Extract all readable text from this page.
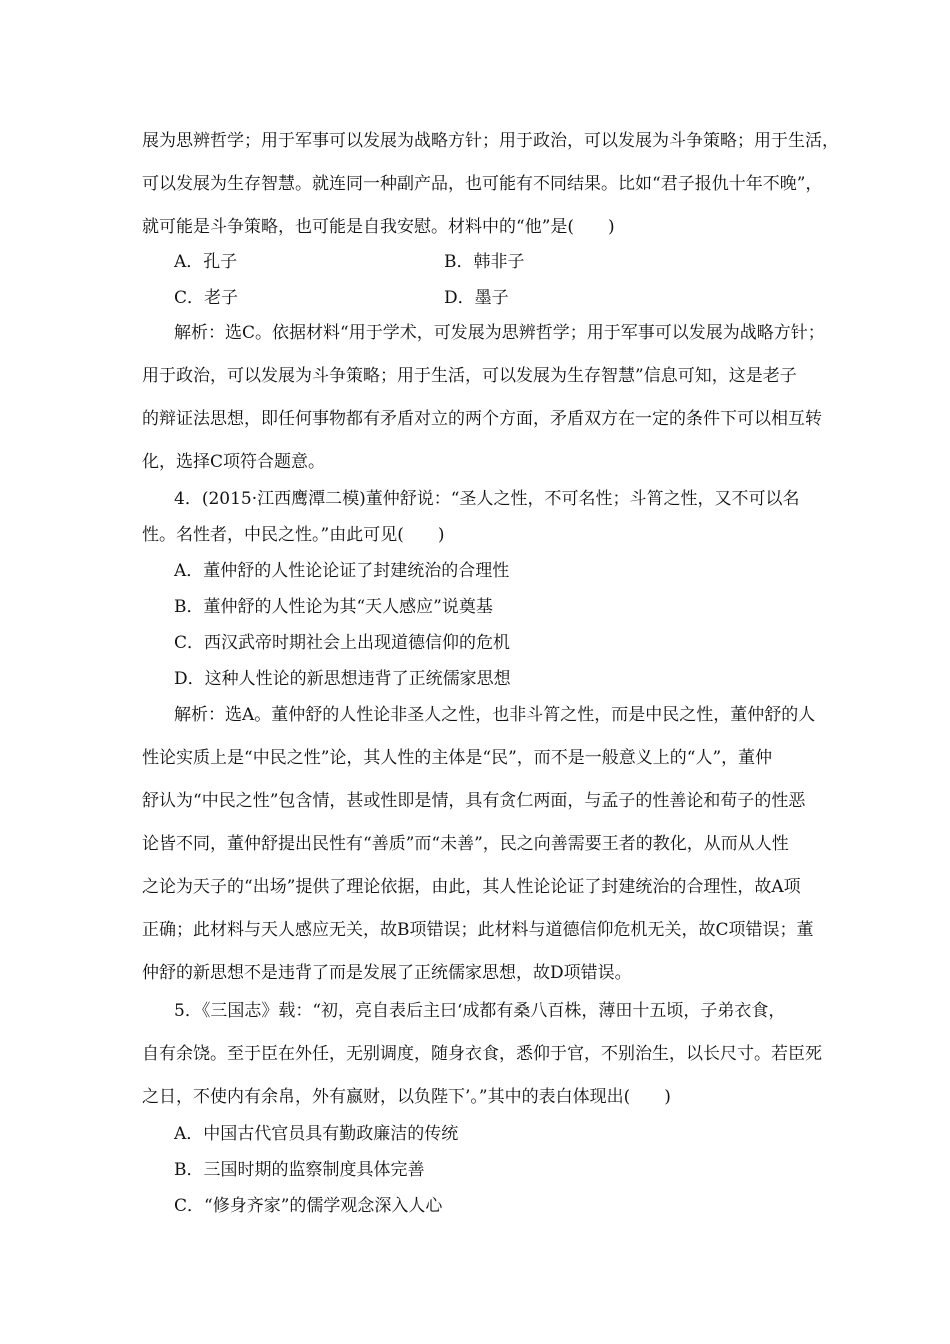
展为思辨哲学；用于军事可以发展为战略方针；用于政治，可以发展为斗争策略；用于生活，
可以发展为生存智慧。就连同一种副产品，也可能有不同结果。比如“君子报仇十年不晚”，
就可能是斗争策略，也可能是自我安慰。材料中的“他”是(　　)
A．孔子	B．韩非子
C．老子	D．墨子
解析：选C。依据材料“用于学术，可发展为思辨哲学；用于军事可以发展为战略方针；
用于政治，可以发展为斗争策略；用于生活，可以发展为生存智慧”信息可知，这是老子
的辩证法思想，即任何事物都有矛盾对立的两个方面，矛盾双方在一定的条件下可以相互转
化，选择C项符合题意。
4．(2015·江西鹰潭二模)董仲舒说：“圣人之性，不可名性；斗筲之性，又不可以名
性。名性者，中民之性。”由此可见(　　)
A．董仲舒的人性论论证了封建统治的合理性
B．董仲舒的人性论为其“天人感应”说奠基
C．西汉武帝时期社会上出现道德信仰的危机
D．这种人性论的新思想违背了正统儒家思想
解析：选A。董仲舒的人性论非圣人之性，也非斗筲之性，而是中民之性，董仲舒的人
性论实质上是“中民之性”论，其人性的主体是“民”，而不是一般意义上的“人”，董仲
舒认为“中民之性”包含情，甚或性即是情，具有贪仁两面，与孟子的性善论和荀子的性恶
论皆不同，董仲舒提出民性有“善质”而“未善”，民之向善需要王者的教化，从而从人性
之论为天子的“出场”提供了理论依据，由此，其人性论论证了封建统治的合理性，故A项
正确；此材料与天人感应无关，故B项错误；此材料与道德信仰危机无关，故C项错误；董
仲舒的新思想不是违背了而是发展了正统儒家思想，故D项错误。
5．《三国志》载：“初，亮自表后主曰‘成都有桑八百株，薄田十五顷，子弟衣食，
自有余饶。至于臣在外任，无别调度，随身衣食，悉仰于官，不别治生，以长尺寸。若臣死
之日，不使内有余帛，外有嬴财，以负陛下’。”其中的表白体现出(　　)
A．中国古代官员具有勤政廉洁的传统
B．三国时期的监察制度具体完善
C．“修身齐家”的儒学观念深入人心
